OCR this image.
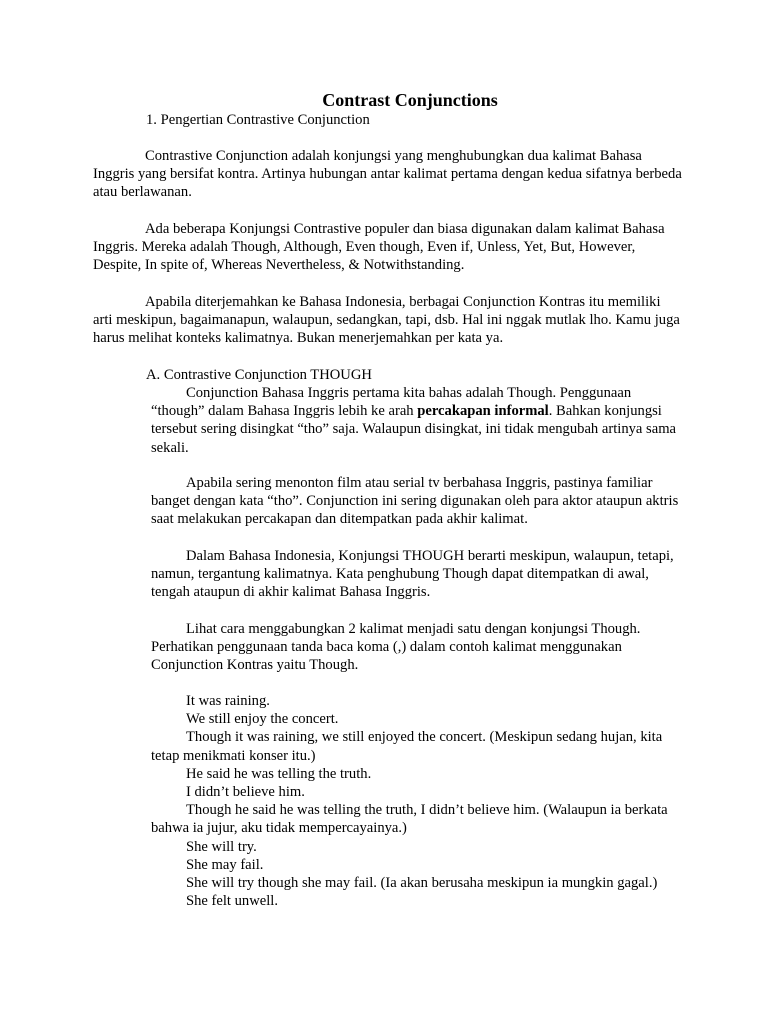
Contrast Conjunctions

1. Pengertian Contrastive Conjunction

Contrastive Conjunction adalah konjungsi yang menghubungkan dua kalimat Bahasa Inggris yang bersifat kontra. Artinya hubungan antar kalimat pertama dengan kedua sifatnya berbeda atau berlawanan.

Ada beberapa Konjungsi Contrastive populer dan biasa digunakan dalam kalimat Bahasa Inggris. Mereka adalah Though, Although, Even though, Even if, Unless, Yet, But, However, Despite, In spite of, Whereas Nevertheless, & Notwithstanding.

Apabila diterjemahkan ke Bahasa Indonesia, berbagai Conjunction Kontras itu memiliki arti meskipun, bagaimanapun, walaupun, sedangkan, tapi, dsb. Hal ini nggak mutlak lho. Kamu juga harus melihat konteks kalimatnya. Bukan menerjemahkan per kata ya.

A. Contrastive Conjunction THOUGH

Conjunction Bahasa Inggris pertama kita bahas adalah Though. Penggunaan “though” dalam Bahasa Inggris lebih ke arah percakapan informal. Bahkan konjungsi tersebut sering disingkat “tho” saja. Walaupun disingkat, ini tidak mengubah artinya sama sekali.

Apabila sering menonton film atau serial tv berbahasa Inggris, pastinya familiar banget dengan kata “tho”. Conjunction ini sering digunakan oleh para aktor ataupun aktris saat melakukan percakapan dan ditempatkan pada akhir kalimat.

Dalam Bahasa Indonesia, Konjungsi THOUGH berarti meskipun, walaupun, tetapi, namun, tergantung kalimatnya. Kata penghubung Though dapat ditempatkan di awal, tengah ataupun di akhir kalimat Bahasa Inggris.

Lihat cara menggabungkan 2 kalimat menjadi satu dengan konjungsi Though. Perhatikan penggunaan tanda baca koma (,) dalam contoh kalimat menggunakan Conjunction Kontras yaitu Though.

It was raining.

We still enjoy the concert.

Though it was raining, we still enjoyed the concert. (Meskipun sedang hujan, kita tetap menikmati konser itu.)

He said he was telling the truth.

I didn’t believe him.

Though he said he was telling the truth, I didn’t believe him. (Walaupun ia berkata bahwa ia jujur, aku tidak mempercayainya.)

She will try.

She may fail.

She will try though she may fail. (Ia akan berusaha meskipun ia mungkin gagal.)

She felt unwell.
